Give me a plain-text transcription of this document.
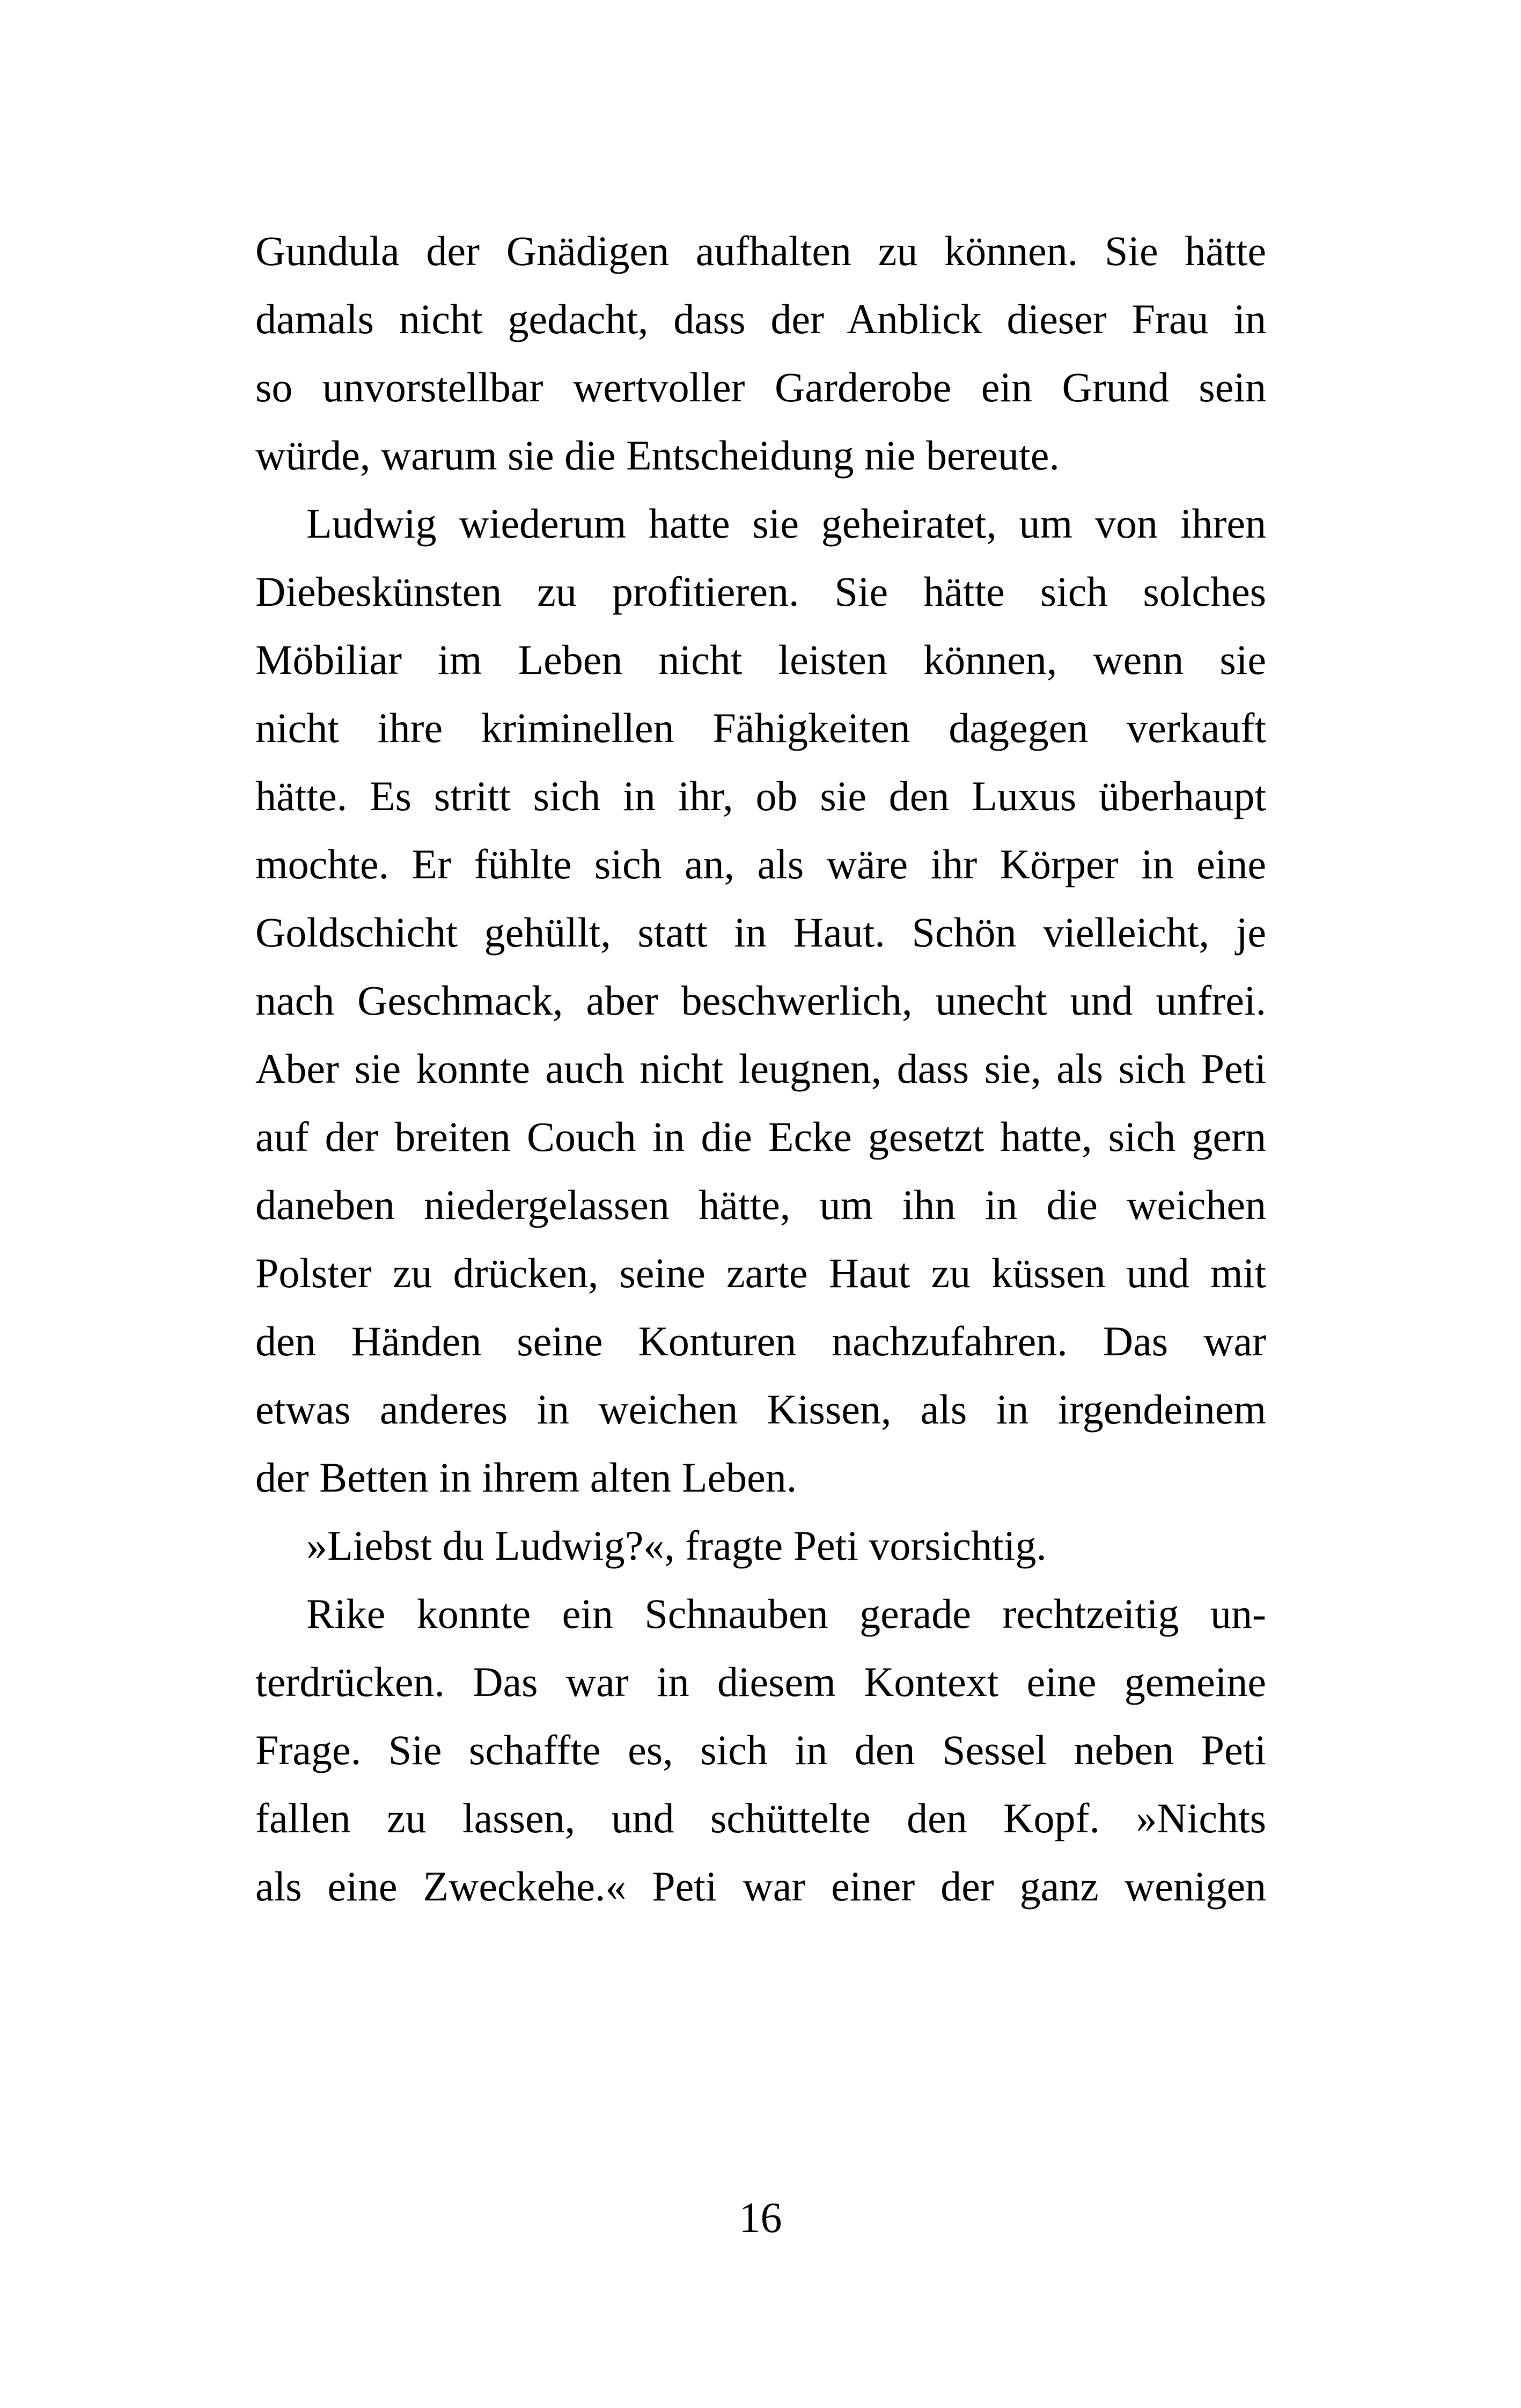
Gundula der Gnädigen aufhalten zu können. Sie hätte
damals nicht gedacht, dass der Anblick dieser Frau in
so unvorstellbar wertvoller Garderobe ein Grund sein
würde, warum sie die Entscheidung nie bereute.
Ludwig wiederum hatte sie geheiratet, um von ihren
Diebeskünsten zu profitieren. Sie hätte sich solches
Möbiliar im Leben nicht leisten können, wenn sie
nicht ihre kriminellen Fähigkeiten dagegen verkauft
hätte. Es stritt sich in ihr, ob sie den Luxus überhaupt
mochte. Er fühlte sich an, als wäre ihr Körper in eine
Goldschicht gehüllt, statt in Haut. Schön vielleicht, je
nach Geschmack, aber beschwerlich, unecht und unfrei.
Aber sie konnte auch nicht leugnen, dass sie, als sich Peti
auf der breiten Couch in die Ecke gesetzt hatte, sich gern
daneben niedergelassen hätte, um ihn in die weichen
Polster zu drücken, seine zarte Haut zu küssen und mit
den Händen seine Konturen nachzufahren. Das war
etwas anderes in weichen Kissen, als in irgendeinem
der Betten in ihrem alten Leben.
»Liebst du Ludwig?«, fragte Peti vorsichtig.
Rike konnte ein Schnauben gerade rechtzeitig un-
terdrücken. Das war in diesem Kontext eine gemeine
Frage. Sie schaffte es, sich in den Sessel neben Peti
fallen zu lassen, und schüttelte den Kopf. »Nichts
als eine Zweckehe.« Peti war einer der ganz wenigen
16
